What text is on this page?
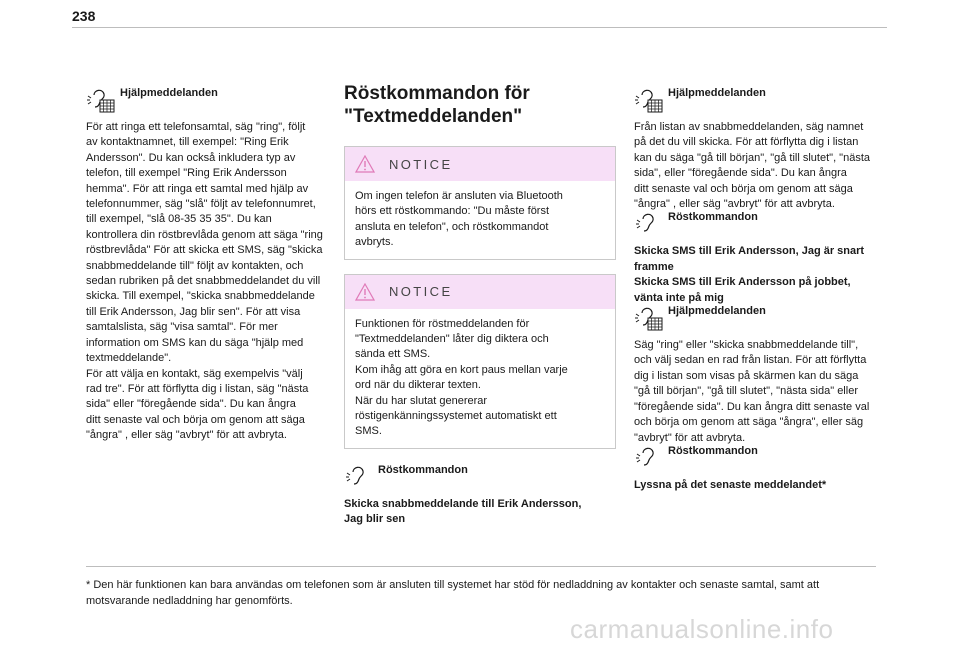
238
Hjälpmeddelanden

För att ringa ett telefonsamtal, säg "ring", följt
av kontaktnamnet, till exempel: "Ring Erik
Andersson". Du kan också inkludera typ av
telefon, till exempel "Ring Erik Andersson
hemma". För att ringa ett samtal med hjälp av
telefonnummer, säg "slå" följt av telefonnumret,
till exempel, "slå 08-35 35 35". Du kan
kontrollera din röstbrevlåda genom att säga "ring
röstbrevlåda" För att skicka ett SMS, säg "skicka
snabbmeddelande till" följt av kontakten, och
sedan rubriken på det snabbmeddelandet du vill
skicka. Till exempel, "skicka snabbmeddelande
till Erik Andersson, Jag blir sen". För att visa
samtalslista, säg "visa samtal". För mer
information om SMS kan du säga "hjälp med
textmeddelande".
För att välja en kontakt, säg exempelvis "välj
rad tre". För att förflytta dig i listan, säg "nästa
sida" eller "föregående sida". Du kan ångra
ditt senaste val och börja om genom att säga
"ångra" , eller säg "avbryt" för att avbryta.

Röstkommandon för
"Textmeddelanden"
NOTICE
Om ingen telefon är ansluten via Bluetooth
hörs ett röstkommando: "Du måste först
ansluta en telefon", och röstkommandot
avbryts.
NOTICE
Funktionen för röstmeddelanden för
"Textmeddelanden" låter dig diktera och
sända ett SMS.
Kom ihåg att göra en kort paus mellan varje
ord när du dikterar texten.
När du har slutat genererar
röstigenkänningssystemet automatiskt ett
SMS.
Röstkommandon

Skicka snabbmeddelande till Erik Andersson,
Jag blir sen

Hjälpmeddelanden

Från listan av snabbmeddelanden, säg namnet
på det du vill skicka. För att förflytta dig i listan
kan du säga "gå till början", "gå till slutet", "nästa
sida", eller "föregående sida". Du kan ångra
ditt senaste val och börja om genom att säga
"ångra" , eller säg "avbryt" för att avbryta.

Röstkommandon

Skicka SMS till Erik Andersson, Jag är snart
framme
Skicka SMS till Erik Andersson på jobbet,
vänta inte på mig

Hjälpmeddelanden

Säg "ring" eller "skicka snabbmeddelande till",
och välj sedan en rad från listan. För att förflytta
dig i listan som visas på skärmen kan du säga
"gå till början", "gå till slutet", "nästa sida" eller
"föregående sida". Du kan ångra ditt senaste val
och börja om genom att säga "ångra", eller säg
"avbryt" för att avbryta.

Röstkommandon

Lyssna på det senaste meddelandet*

* Den här funktionen kan bara användas om telefonen som är ansluten till systemet har stöd för nedladdning av kontakter och senaste samtal, samt att
motsvarande nedladdning har genomförts.
carmanualsonline.info
